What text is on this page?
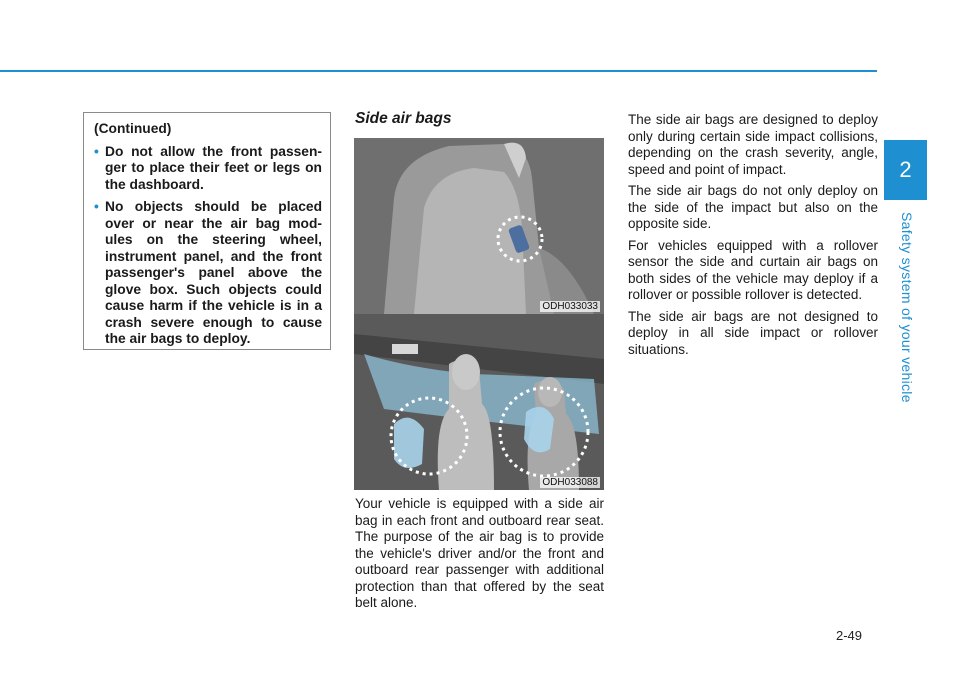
2
Safety system of your vehicle
(Continued)
• Do not allow the front passen-ger to place their feet or legs on the dashboard.
• No objects should be placed over or near the air bag mod-ules on the steering wheel, instrument panel, and the front passenger's panel above the glove box. Such objects could cause harm if the vehicle is in a crash severe enough to cause the air bags to deploy.
Side air bags
ODH033033
ODH033088

Your vehicle is equipped with a side air bag in each front and outboard rear seat. The purpose of the air bag is to provide the vehicle's driver and/or the front and outboard rear passenger with additional protection than that offered by the seat belt alone.

The side air bags are designed to deploy only during certain side impact collisions, depending on the crash severity, angle, speed and point of impact.

The side air bags do not only deploy on the side of the impact but also on the opposite side.

For vehicles equipped with a rollover sensor the side and curtain air bags on both sides of the vehicle may deploy if a rollover or possible rollover is detected.

The side air bags are not designed to deploy in all side impact or rollover situations.

2-49
